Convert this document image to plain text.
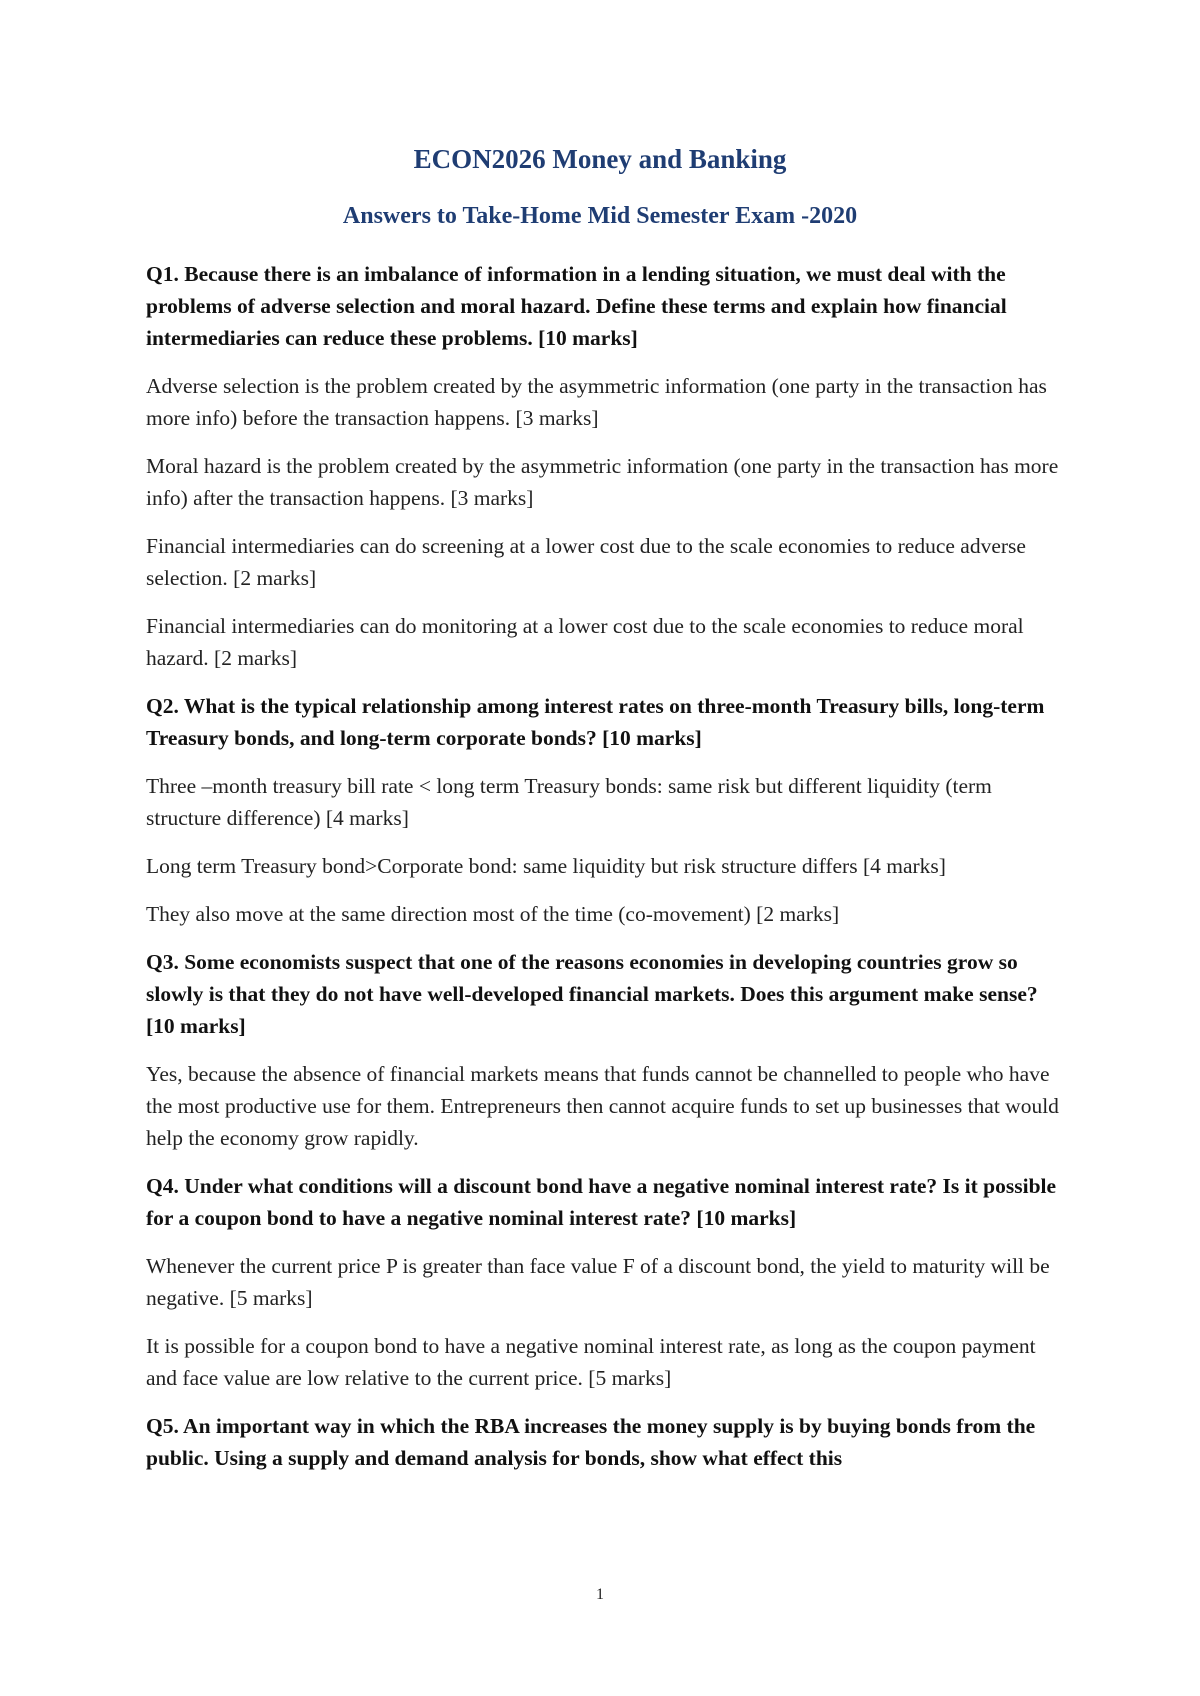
ECON2026 Money and Banking
Answers to Take-Home Mid Semester Exam -2020

Q1. Because there is an imbalance of information in a lending situation, we must deal with the problems of adverse selection and moral hazard. Define these terms and explain how financial intermediaries can reduce these problems. [10 marks]

Adverse selection is the problem created by the asymmetric information (one party in the transaction has more info) before the transaction happens. [3 marks]

Moral hazard is the problem created by the asymmetric information (one party in the transaction has more info) after the transaction happens. [3 marks]

Financial intermediaries can do screening at a lower cost due to the scale economies to reduce adverse selection. [2 marks]

Financial intermediaries can do monitoring at a lower cost due to the scale economies to reduce moral hazard. [2 marks]

Q2. What is the typical relationship among interest rates on three-month Treasury bills, long-term Treasury bonds, and long-term corporate bonds? [10 marks]

Three –month treasury bill rate < long term Treasury bonds: same risk but different liquidity (term structure difference) [4 marks]

Long term Treasury bond>Corporate bond: same liquidity but risk structure differs [4 marks]

They also move at the same direction most of the time (co-movement) [2 marks]

Q3. Some economists suspect that one of the reasons economies in developing countries grow so slowly is that they do not have well-developed financial markets. Does this argument make sense? [10 marks]

Yes, because the absence of financial markets means that funds cannot be channelled to people who have the most productive use for them. Entrepreneurs then cannot acquire funds to set up businesses that would help the economy grow rapidly.

Q4. Under what conditions will a discount bond have a negative nominal interest rate? Is it possible for a coupon bond to have a negative nominal interest rate? [10 marks]

Whenever the current price P is greater than face value F of a discount bond, the yield to maturity will be negative. [5 marks]

It is possible for a coupon bond to have a negative nominal interest rate, as long as the coupon payment and face value are low relative to the current price. [5 marks]

Q5. An important way in which the RBA increases the money supply is by buying bonds from the public. Using a supply and demand analysis for bonds, show what effect this

1
